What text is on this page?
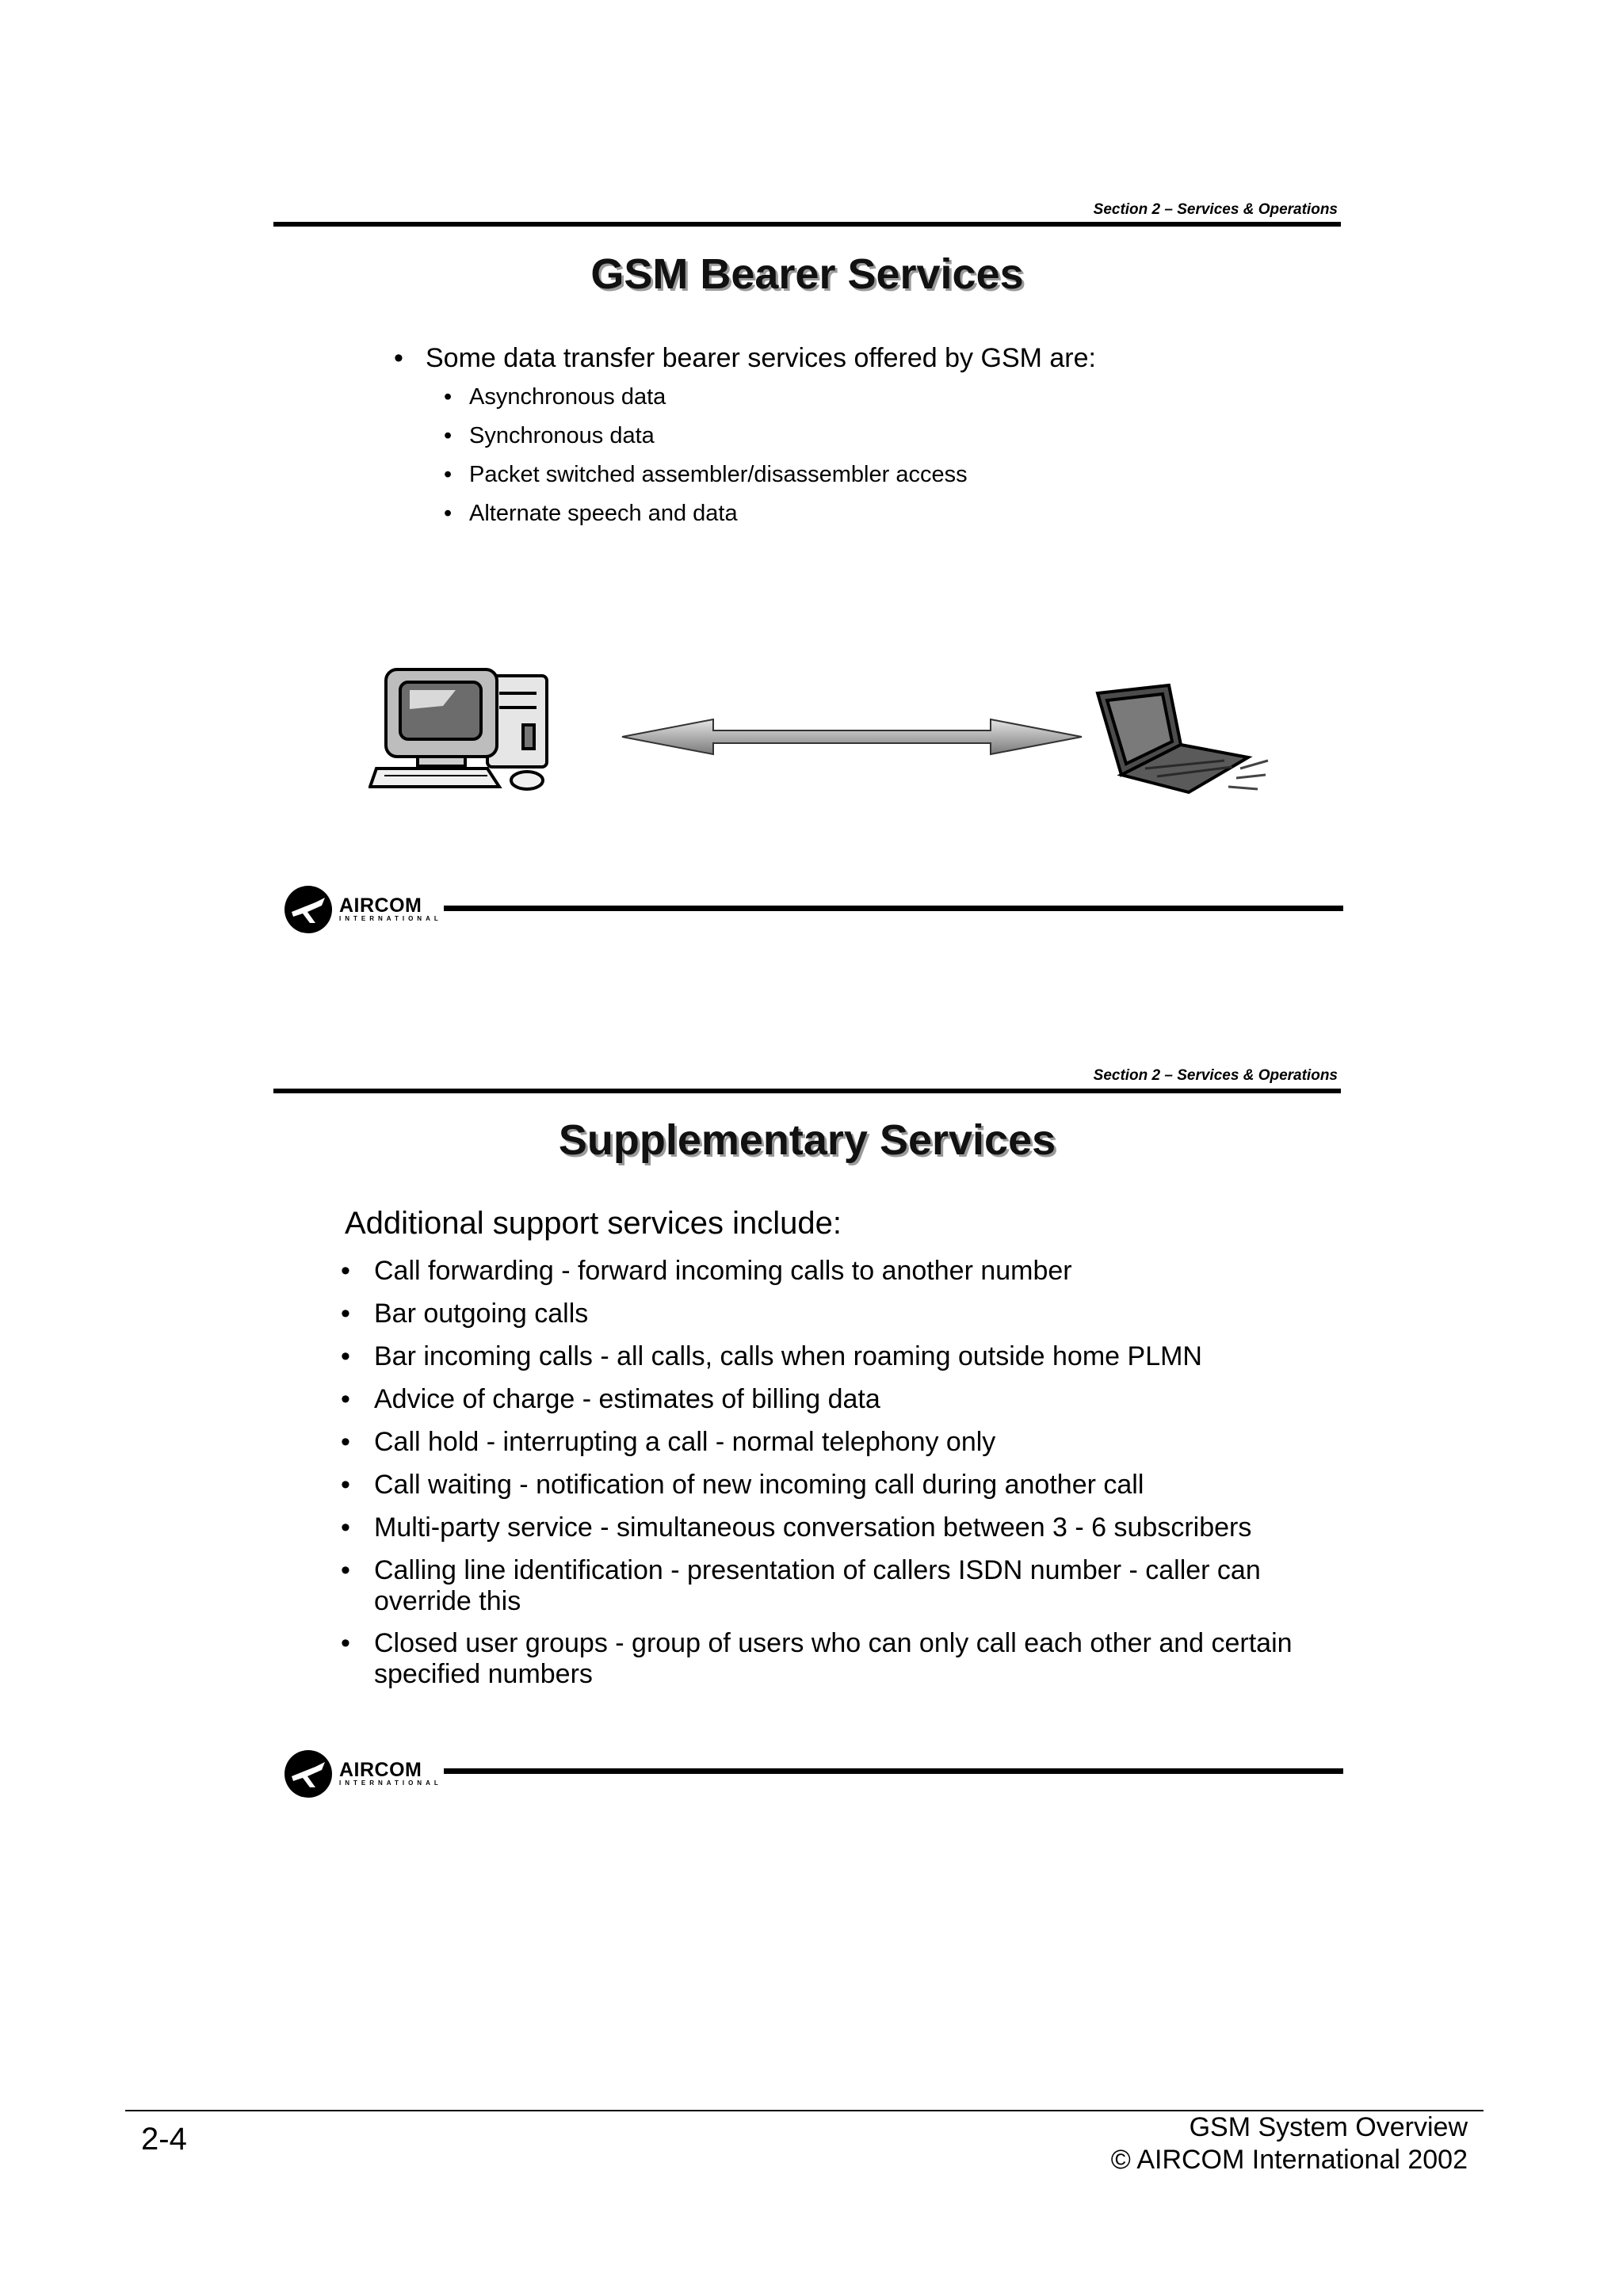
Section 2 – Services & Operations
GSM Bearer Services
• Some data transfer bearer services offered by GSM are:
• Asynchronous data
• Synchronous data
• Packet switched assembler/disassembler access
• Alternate speech and data
AIRCOM
INTERNATIONAL
Section 2 – Services & Operations
Supplementary Services
Additional support services include:
• Call forwarding - forward incoming calls to another number
• Bar outgoing calls
• Bar incoming calls - all calls, calls when roaming outside home PLMN
• Advice of charge - estimates of billing data
• Call hold - interrupting a call - normal telephony only
• Call waiting - notification of new incoming call during another call
• Multi-party service - simultaneous conversation between 3 - 6 subscribers
• Calling line identification - presentation of callers ISDN number - caller can override this
• Closed user groups - group of users who can only call each other and certain specified numbers
AIRCOM
INTERNATIONAL
2-4	GSM System Overview
© AIRCOM International 2002
